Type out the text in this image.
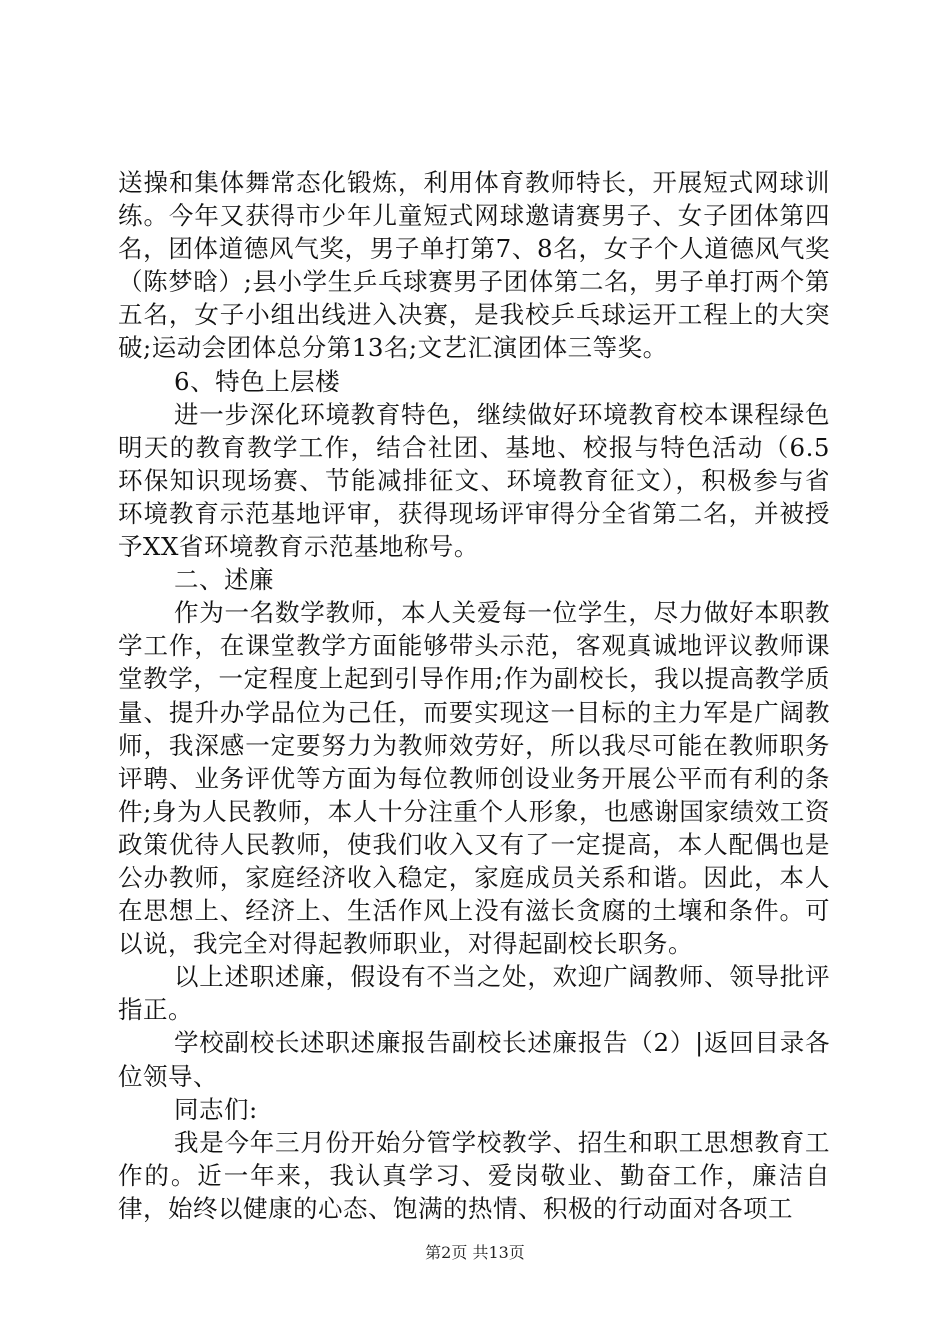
送操和集体舞常态化锻炼，利用体育教师特长，开展短式网球训练。今年又获得市少年儿童短式网球邀请赛男子、女子团体第四名，团体道德风气奖，男子单打第7、8名，女子个人道德风气奖（陈梦晗）;县小学生乒乓球赛男子团体第二名，男子单打两个第五名，女子小组出线进入决赛，是我校乒乓球运开工程上的大突破;运动会团体总分第13名;文艺汇演团体三等奖。

6、特色上层楼

进一步深化环境教育特色，继续做好环境教育校本课程绿色明天的教育教学工作，结合社团、基地、校报与特色活动（6.5环保知识现场赛、节能减排征文、环境教育征文），积极参与省环境教育示范基地评审，获得现场评审得分全省第二名，并被授予XX省环境教育示范基地称号。

二、述廉

作为一名数学教师，本人关爱每一位学生，尽力做好本职教学工作，在课堂教学方面能够带头示范，客观真诚地评议教师课堂教学，一定程度上起到引导作用;作为副校长，我以提高教学质量、提升办学品位为己任，而要实现这一目标的主力军是广阔教师，我深感一定要努力为教师效劳好，所以我尽可能在教师职务评聘、业务评优等方面为每位教师创设业务开展公平而有利的条件;身为人民教师，本人十分注重个人形象，也感谢国家绩效工资政策优待人民教师，使我们收入又有了一定提高，本人配偶也是公办教师，家庭经济收入稳定，家庭成员关系和谐。因此，本人在思想上、经济上、生活作风上没有滋长贪腐的土壤和条件。可以说，我完全对得起教师职业，对得起副校长职务。

以上述职述廉，假设有不当之处，欢迎广阔教师、领导批评指正。

学校副校长述职述廉报告副校长述廉报告（2）|返回目录各位领导、

同志们:

我是今年三月份开始分管学校教学、招生和职工思想教育工作的。近一年来，我认真学习、爱岗敬业、勤奋工作，廉洁自律，始终以健康的心态、饱满的热情、积极的行动面对各项工

第2页 共13页
